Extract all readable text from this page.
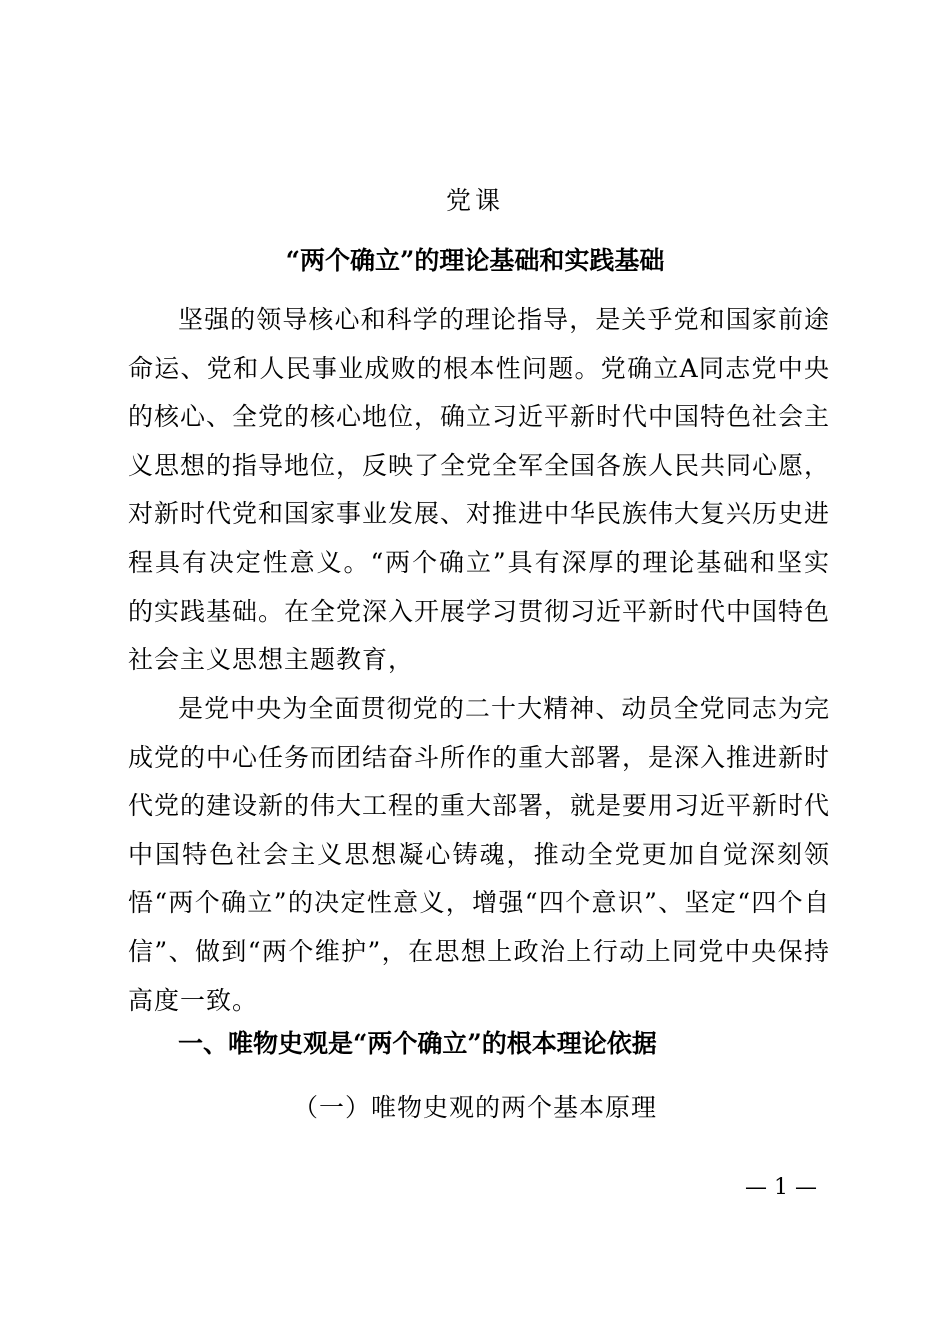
党课
“两个确立”的理论基础和实践基础

坚强的领导核心和科学的理论指导，是关乎党和国家前途命运、党和人民事业成败的根本性问题。党确立A同志党中央的核心、全党的核心地位，确立习近平新时代中国特色社会主义思想的指导地位，反映了全党全军全国各族人民共同心愿，对新时代党和国家事业发展、对推进中华民族伟大复兴历史进程具有决定性意义。“两个确立”具有深厚的理论基础和坚实的实践基础。在全党深入开展学习贯彻习近平新时代中国特色社会主义思想主题教育，

是党中央为全面贯彻党的二十大精神、动员全党同志为完成党的中心任务而团结奋斗所作的重大部署，是深入推进新时代党的建设新的伟大工程的重大部署，就是要用习近平新时代中国特色社会主义思想凝心铸魂，推动全党更加自觉深刻领悟“两个确立”的决定性意义，增强“四个意识”、坚定“四个自信”、做到“两个维护”，在思想上政治上行动上同党中央保持高度一致。

一、唯物史观是“两个确立”的根本理论依据
（一）唯物史观的两个基本原理
— 1 —
